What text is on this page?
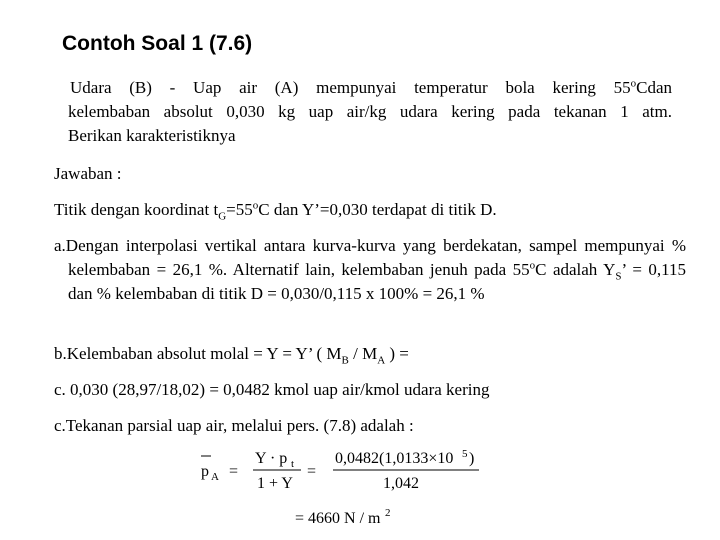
Contoh Soal 1 (7.6)
Udara (B) - Uap air (A) mempunyai temperatur bola kering 55$^o$Cdan
kelembaban absolut 0,030 kg uap air/kg udara kering pada tekanan 1 atm.
Berikan karakteristiknya
Jawaban :
Titik dengan koordinat $t_G=55^oC$ dan Y’=0,030 terdapat di titik D.
a.Dengan interpolasi vertikal antara kurva-kurva yang berdekatan, sampel mempunyai % kelembaban = 26,1 %. Alternatif lain, kelembaban jenuh pada 55$^o$C adalah $Y_S$’ = 0,115 dan % kelembaban di titik D = 0,030/0,115 x 100% = 26,1 %
b.Kelembaban absolut molal = Y = Y’ ( $M_B / M_A$ ) =
c. 0,030 (28,97/18,02) = 0,0482 kmol uap air/kmol udara kering
c.Tekanan parsial uap air, melalui pers. (7.8) adalah :
p A =
Y · p t
1 + Y
=
0,0482(1,0133×10 5 )
1,042
= 4660 N / m 2
